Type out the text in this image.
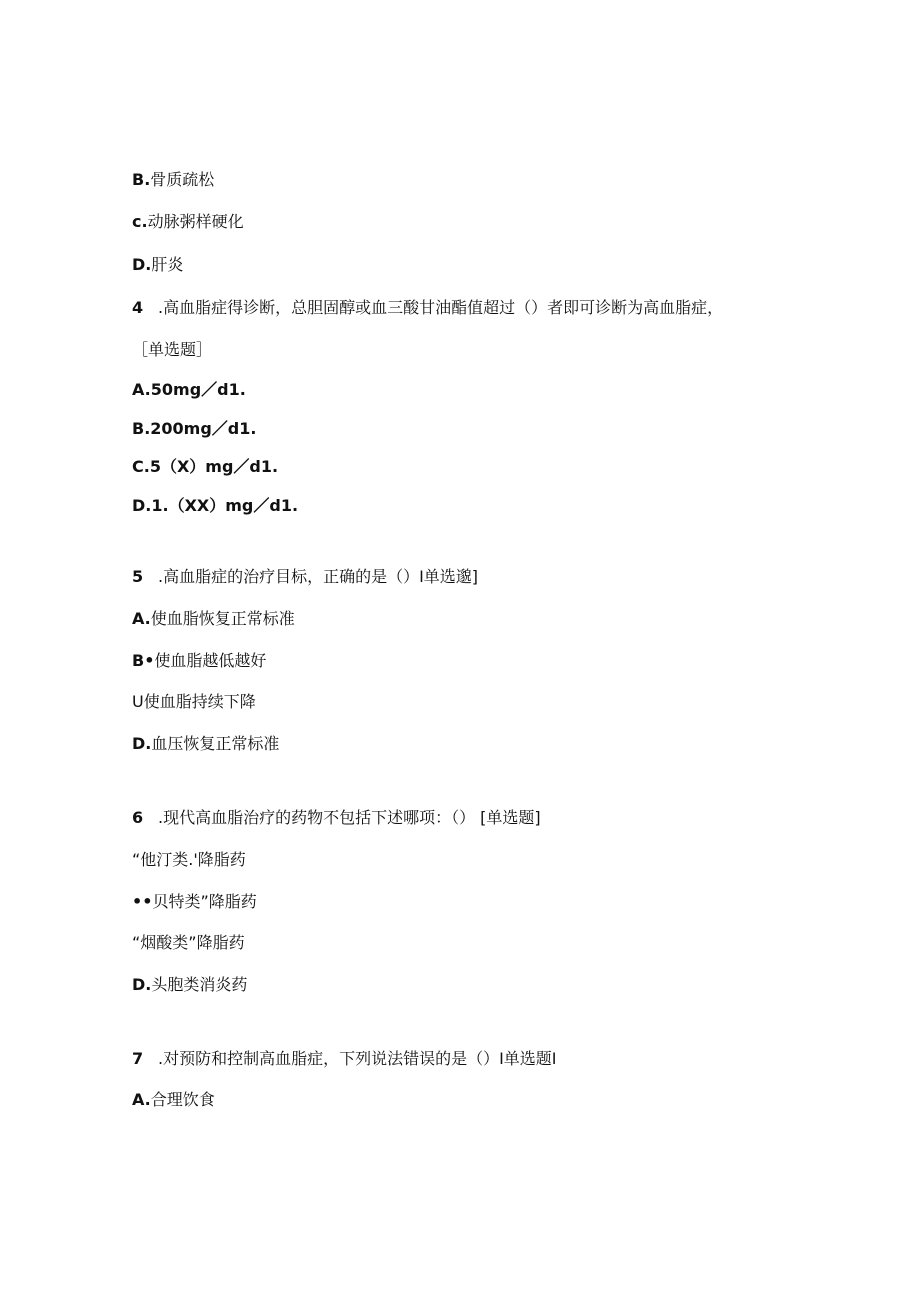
B.骨质疏松
c.动脉粥样硬化
D.肝炎
4 .高血脂症得诊断，总胆固醇或血三酸甘油酯值超过（）者即可诊断为高血脂症，
［单选题］
A.50mg／d1.
B.200mg／d1.
C.5（X）mg／d1.
D.1.（XX）mg／d1.
5 .高血脂症的治疗目标，正确的是（）I单选邈]
A.使血脂恢复正常标准
B•使血脂越低越好
U使血脂持续下降
D.血压恢复正常标准
6 .现代高血脂治疗的药物不包括下述哪项：（） [单选题]
“他汀类.'降脂药
••贝特类”降脂药
“烟酸类”降脂药
D.头胞类消炎药
7 .对预防和控制高血脂症，下列说法错误的是（）I单选题I
A.合理饮食
